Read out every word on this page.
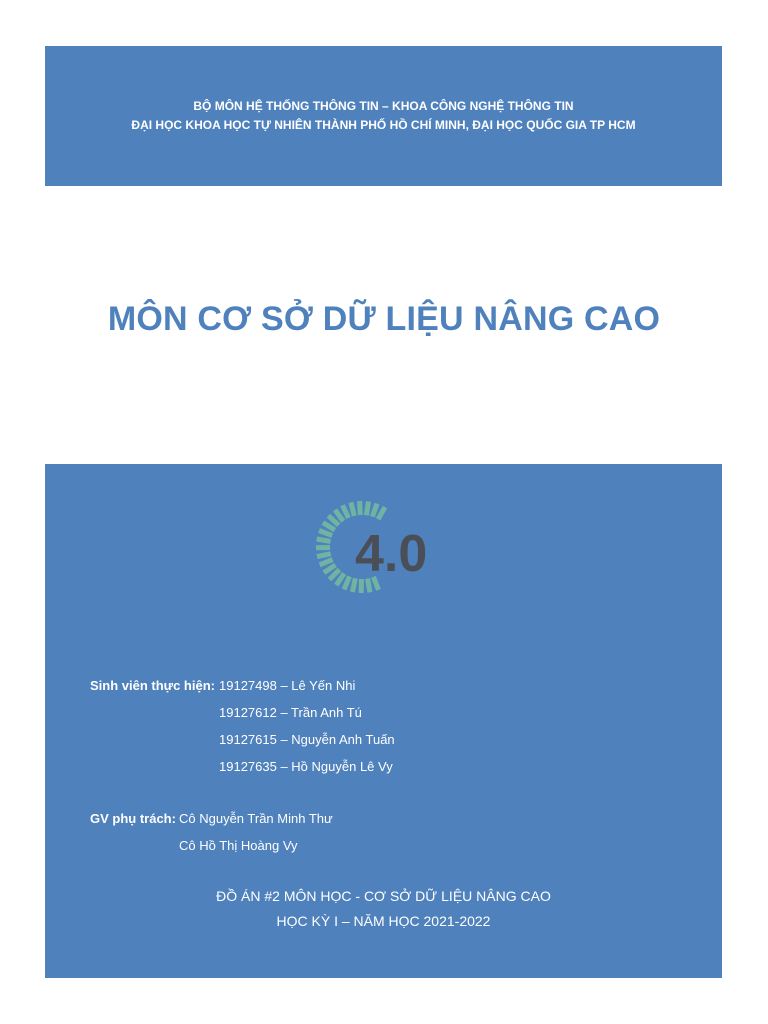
BỘ MÔN HỆ THỐNG THÔNG TIN – KHOA CÔNG NGHỆ THÔNG TIN
ĐẠI HỌC KHOA HỌC TỰ NHIÊN THÀNH PHỐ HỒ CHÍ MINH, ĐẠI HỌC QUỐC GIA TP HCM
MÔN CƠ SỞ DỮ LIỆU NÂNG CAO
4.0
Sinh viên thực hiện: 19127498 – Lê Yến Nhi
19127612 – Trần Anh Tú
19127615 – Nguyễn Anh Tuấn
19127635 – Hồ Nguyễn Lê Vy
GV phụ trách: Cô Nguyễn Trần Minh Thư
Cô Hồ Thị Hoàng Vy
ĐỒ ÁN #2 MÔN HỌC - CƠ SỞ DỮ LIỆU NÂNG CAO
HỌC KỲ I – NĂM HỌC 2021-2022
